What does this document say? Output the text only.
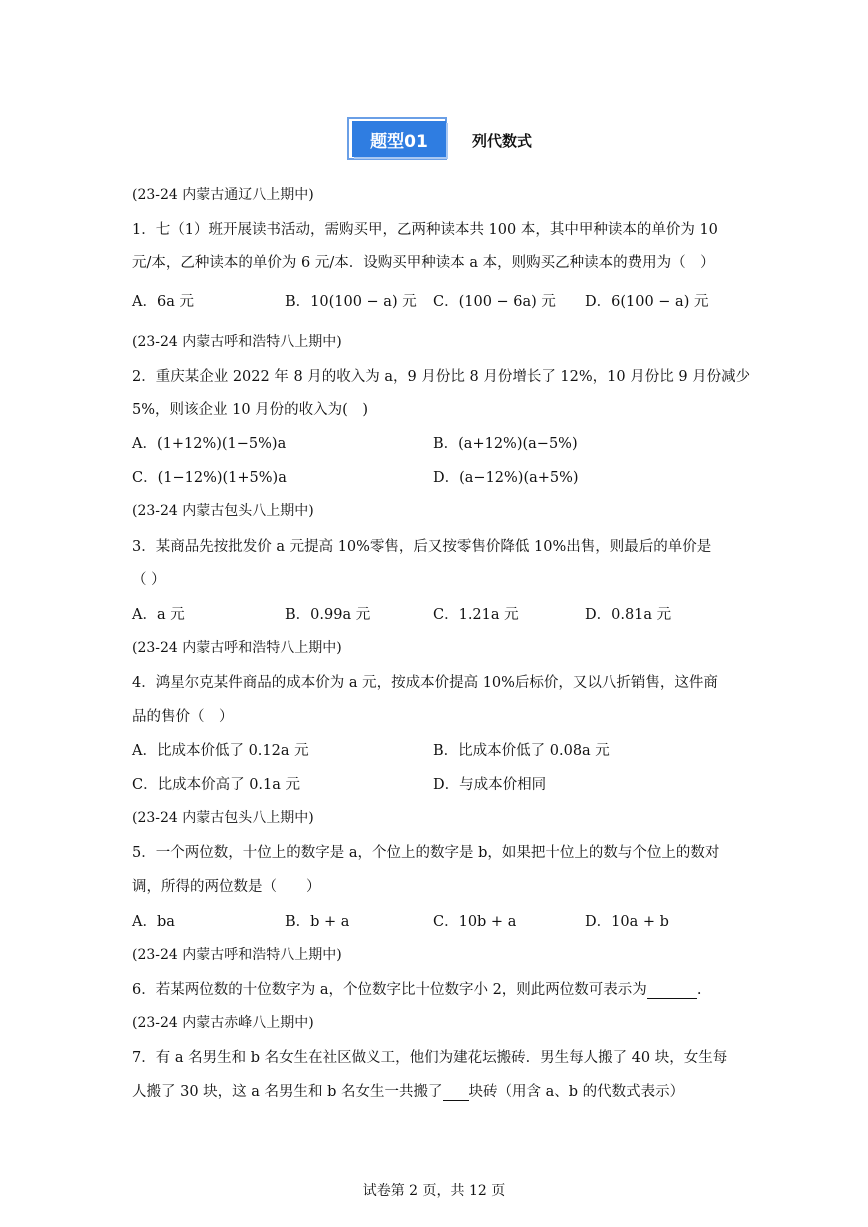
题型01	列代数式
(23-24 内蒙古通辽八上期中)
1．七（1）班开展读书活动，需购买甲，乙两种读本共 100 本，其中甲种读本的单价为 10
元/本，乙种读本的单价为 6 元/本．设购买甲种读本 a 本，则购买乙种读本的费用为（　）
A．6a 元	B．10(100 − a) 元 C．(100 − 6a) 元 D．6(100 − a) 元
(23-24 内蒙古呼和浩特八上期中)
2．重庆某企业 2022 年 8 月的收入为 a，9 月份比 8 月份增长了 12%，10 月份比 9 月份减少
5%，则该企业 10 月份的收入为(　)
A．(1+12%)(1−5%)a	B．(a+12%)(a−5%)
C．(1−12%)(1+5%)a	D．(a−12%)(a+5%)
(23-24 内蒙古包头八上期中)
3．某商品先按批发价 a 元提高 10%零售，后又按零售价降低 10%出售，则最后的单价是
（ ）
A．a 元	B．0.99a 元	C．1.21a 元	D．0.81a 元
(23-24 内蒙古呼和浩特八上期中)
4．鸿星尔克某件商品的成本价为 a 元，按成本价提高 10%后标价，又以八折销售，这件商
品的售价（　）
A．比成本价低了 0.12a 元	B．比成本价低了 0.08a 元
C．比成本价高了 0.1a 元	D．与成本价相同
(23-24 内蒙古包头八上期中)
5．一个两位数，十位上的数字是 a，个位上的数字是 b，如果把十位上的数与个位上的数对
调，所得的两位数是（　　）
A．ba	B．b + a	C．10b + a	D．10a + b
(23-24 内蒙古呼和浩特八上期中)
6．若某两位数的十位数字为 a，个位数字比十位数字小 2，则此两位数可表示为	.
(23-24 内蒙古赤峰八上期中)
7．有 a 名男生和 b 名女生在社区做义工，他们为建花坛搬砖．男生每人搬了 40 块，女生每
人搬了 30 块，这 a 名男生和 b 名女生一共搬了 块砖（用含 a、b 的代数式表示）
试卷第 2 页，共 12 页
